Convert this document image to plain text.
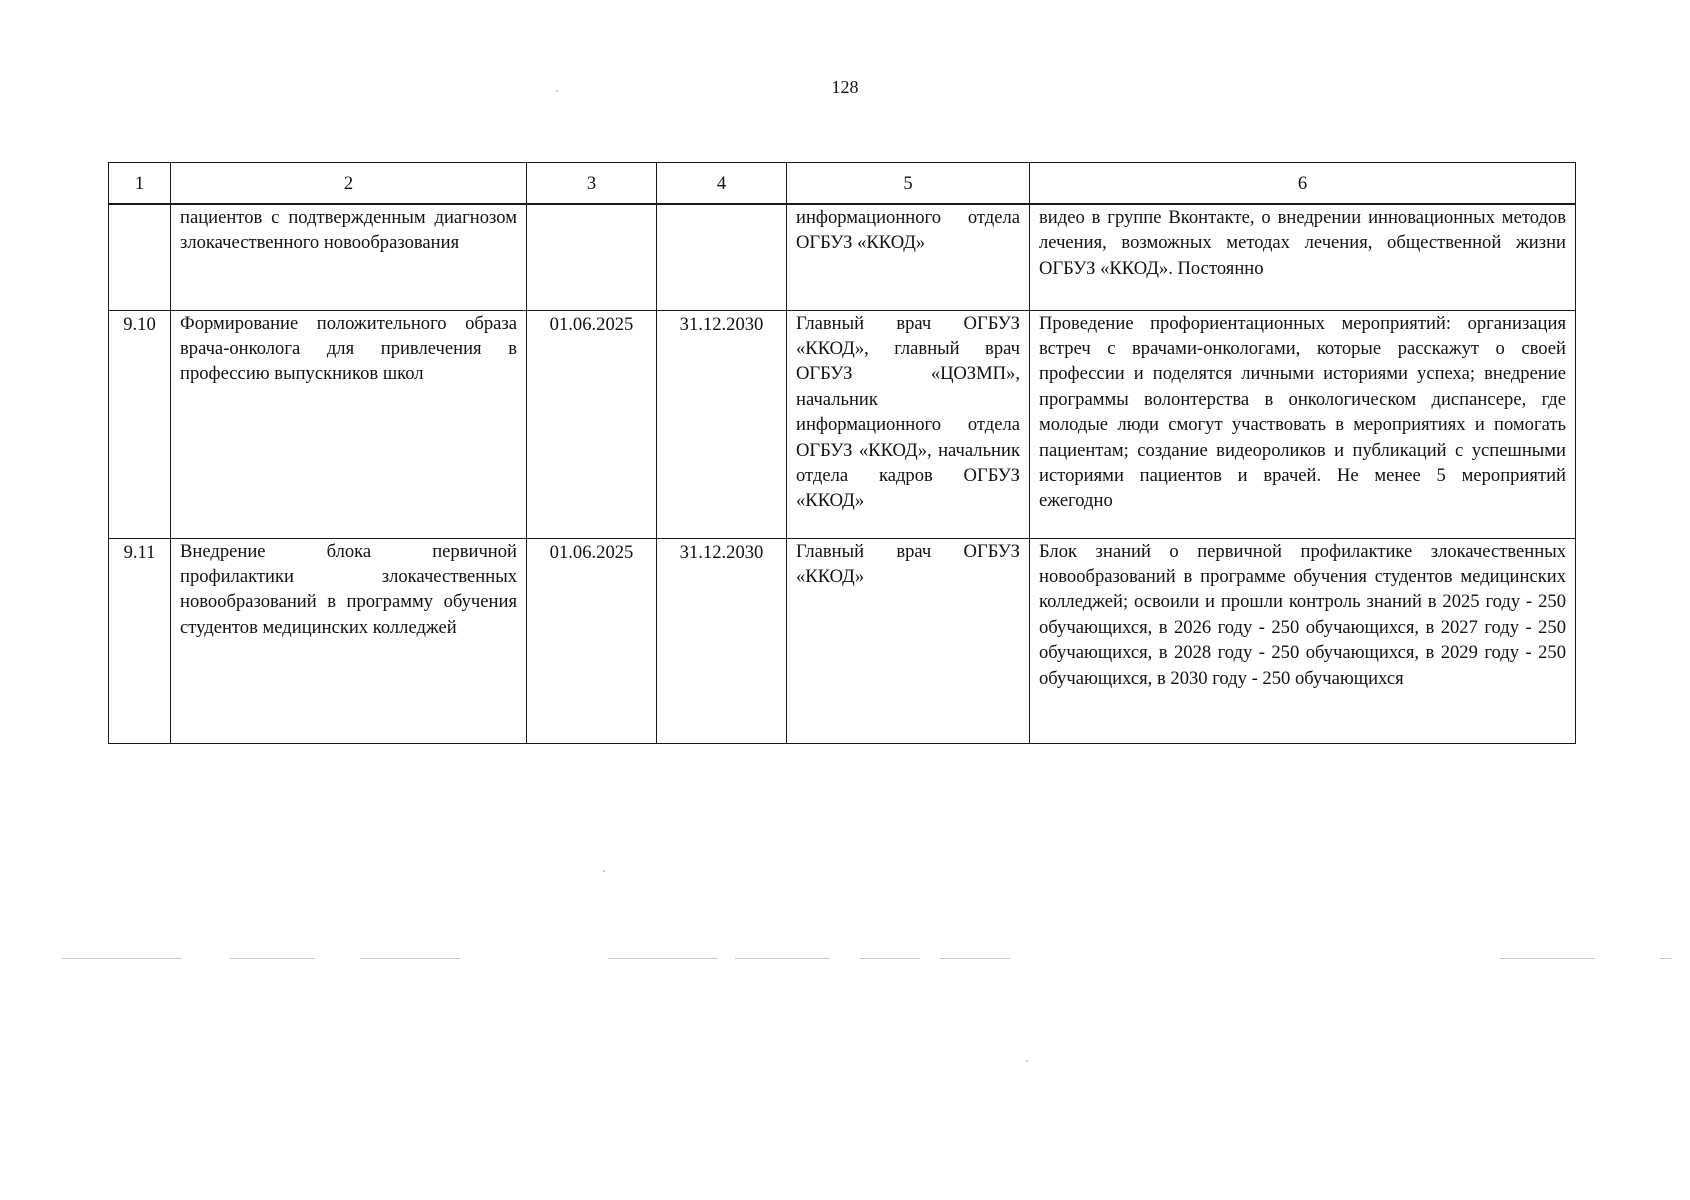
128
1	2	3	4	5	6

	пациентов с подтвержденным диагнозом злокачественного новообразования			информационного отдела ОГБУЗ «ККОД»	видео в группе Вконтакте, о внедрении инновационных методов лечения, возможных методах лечения, общественной жизни ОГБУЗ «ККОД». Постоянно

9.10	Формирование положительного образа врача-онколога для привлечения в профессию выпускников школ	01.06.2025	31.12.2030	Главный врач ОГБУЗ «ККОД», главный врач ОГБУЗ «ЦОЗМП», начальник информационного отдела ОГБУЗ «ККОД», начальник отдела кадров ОГБУЗ «ККОД»	Проведение профориентационных мероприятий: организация встреч с врачами-онкологами, которые расскажут о своей профессии и поделятся личными историями успеха; внедрение программы волонтерства в онкологическом диспансере, где молодые люди смогут участвовать в мероприятиях и помогать пациентам; создание видеороликов и публикаций с успешными историями пациентов и врачей. Не менее 5 мероприятий ежегодно

9.11	Внедрение блока первичной профилактики злокачественных новообразований в программу обучения студентов медицинских колледжей	01.06.2025	31.12.2030	Главный врач ОГБУЗ «ККОД»	Блок знаний о первичной профилактике злокачественных новообразований в программе обучения студентов медицинских колледжей; освоили и прошли контроль знаний в 2025 году - 250 обучающихся, в 2026 году - 250 обучающихся, в 2027 году - 250 обучающихся, в 2028 году - 250 обучающихся, в 2029 году - 250 обучающихся, в 2030 году - 250 обучающихся
